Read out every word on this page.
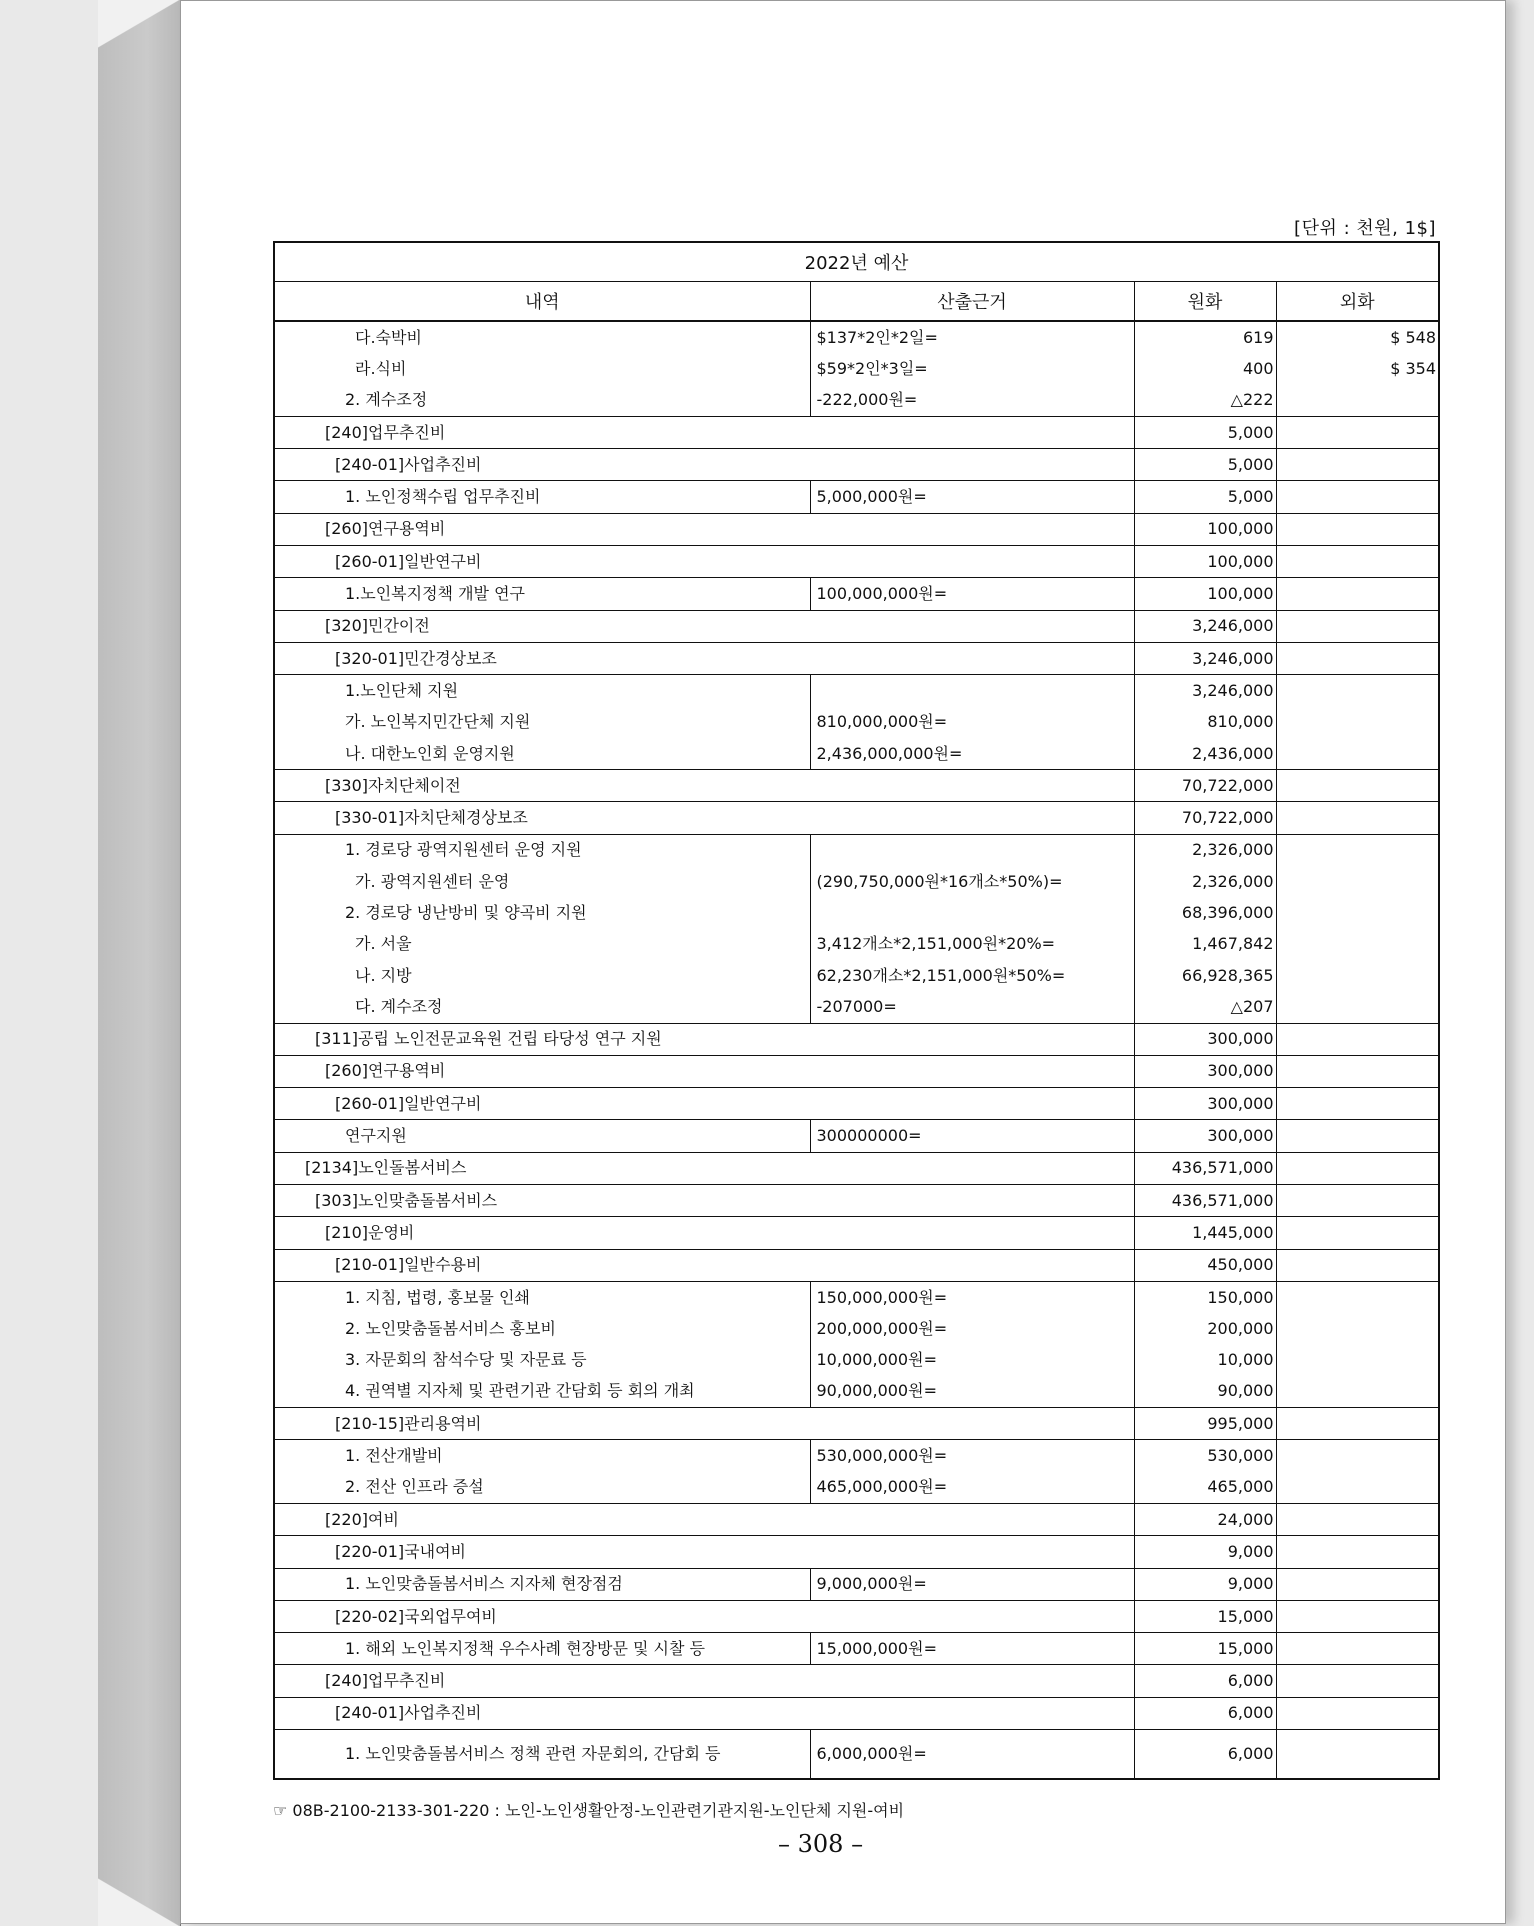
[단위 : 천원, 1$]
2022년 예산			
내역	산출근거	원화	외화
다.숙박비	$137*2인*2일=	619	$ 548
라.식비	$59*2인*3일=	400	$ 354
2. 계수조정	-222,000원=	△222	
[240]업무추진비		5,000	
[240-01]사업추진비		5,000	
1. 노인정책수립 업무추진비	5,000,000원=	5,000	
[260]연구용역비		100,000	
[260-01]일반연구비		100,000	
1.노인복지정책 개발 연구	100,000,000원=	100,000	
[320]민간이전		3,246,000	
[320-01]민간경상보조		3,246,000	
1.노인단체 지원		3,246,000	
가. 노인복지민간단체 지원	810,000,000원=	810,000	
나. 대한노인회 운영지원	2,436,000,000원=	2,436,000	
[330]자치단체이전		70,722,000	
[330-01]자치단체경상보조		70,722,000	
1. 경로당 광역지원센터 운영 지원		2,326,000	
가. 광역지원센터 운영	(290,750,000원*16개소*50%)=	2,326,000	
2. 경로당 냉난방비 및 양곡비 지원		68,396,000	
가. 서울	3,412개소*2,151,000원*20%=	1,467,842	
나. 지방	62,230개소*2,151,000원*50%=	66,928,365	
다. 계수조정	-207000=	△207	
[311]공립 노인전문교육원 건립 타당성 연구 지원		300,000	
[260]연구용역비		300,000	
[260-01]일반연구비		300,000	
연구지원	300000000=	300,000	
[2134]노인돌봄서비스		436,571,000	
[303]노인맞춤돌봄서비스		436,571,000	
[210]운영비		1,445,000	
[210-01]일반수용비		450,000	
1. 지침, 법령, 홍보물 인쇄	150,000,000원=	150,000	
2. 노인맞춤돌봄서비스 홍보비	200,000,000원=	200,000	
3. 자문회의 참석수당 및 자문료 등	10,000,000원=	10,000	
4. 권역별 지자체 및 관련기관 간담회 등 회의 개최	90,000,000원=	90,000	
[210-15]관리용역비		995,000	
1. 전산개발비	530,000,000원=	530,000	
2. 전산 인프라 증설	465,000,000원=	465,000	
[220]여비		24,000	
[220-01]국내여비		9,000	
1. 노인맞춤돌봄서비스 지자체 현장점검	9,000,000원=	9,000	
[220-02]국외업무여비		15,000	
1. 해외 노인복지정책 우수사례 현장방문 및 시찰 등	15,000,000원=	15,000	
[240]업무추진비		6,000	
[240-01]사업추진비		6,000	
1. 노인맞춤돌봄서비스 정책 관련 자문회의, 간담회 등	6,000,000원=	6,000	
☞ 08B-2100-2133-301-220 : 노인-노인생활안정-노인관련기관지원-노인단체 지원-여비
– 308 –
